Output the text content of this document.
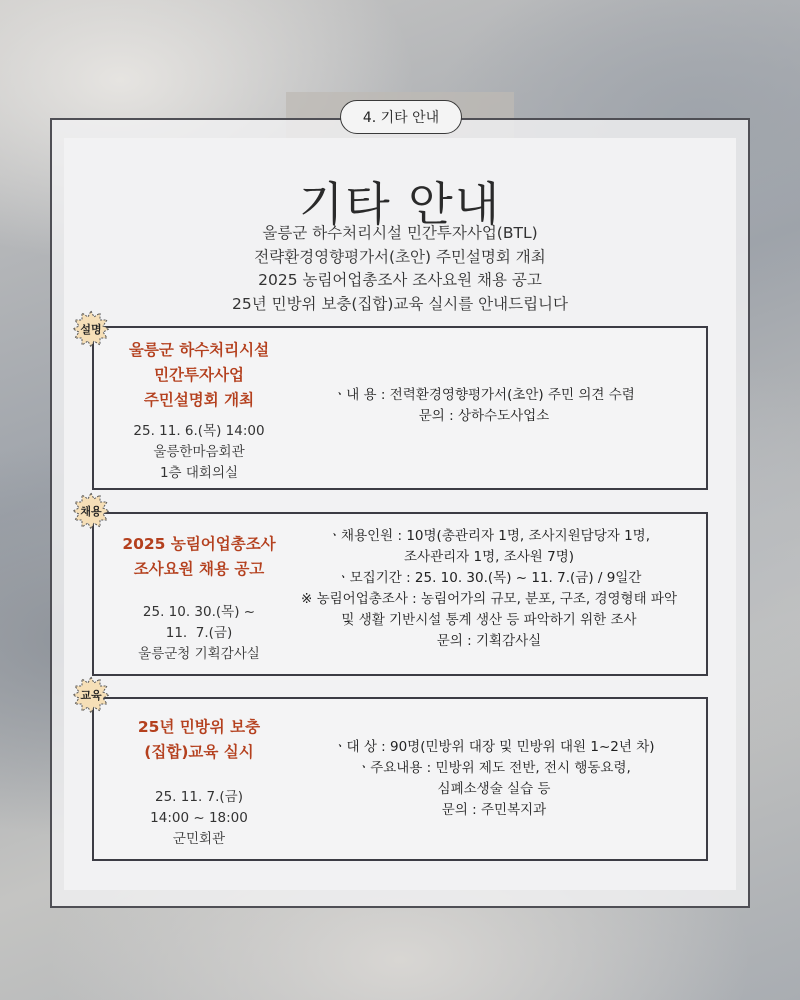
4. 기타 안내
기타 안내
울릉군 하수처리시설 민간투자사업(BTL)
전략환경영향평가서(초안) 주민설명회 개최
2025 농림어업총조사 조사요원 채용 공고
25년 민방위 보충(집합)교육 실시를 안내드립니다
울릉군 하수처리시설
민간투자사업
주민설명회 개최
25. 11. 6.(목) 14:00
울릉한마음회관
1층 대회의실
ㆍ내 용 : 전력환경영향평가서(초안) 주민 의견 수렴
문의 : 상하수도사업소
2025 농림어업총조사
조사요원 채용 공고
25. 10. 30.(목) ~
11.  7.(금)
울릉군청 기획감사실
ㆍ채용인원 : 10명(총관리자 1명, 조사지원담당자 1명,
조사관리자 1명, 조사원 7명)
ㆍ모집기간 : 25. 10. 30.(목) ~ 11. 7.(금) / 9일간
※ 농림어업총조사 : 농림어가의 규모, 분포, 구조, 경영형태 파악
및 생활 기반시설 통계 생산 등 파악하기 위한 조사
문의 : 기획감사실
25년 민방위 보충
(집합)교육 실시
25. 11. 7.(금)
14:00 ~ 18:00
군민회관
ㆍ대 상 : 90명(민방위 대장 및 민방위 대원 1~2년 차)
ㆍ주요내용 : 민방위 제도 전반, 전시 행동요령,
심폐소생술 실습 등
문의 : 주민복지과
설명
채용
교육
